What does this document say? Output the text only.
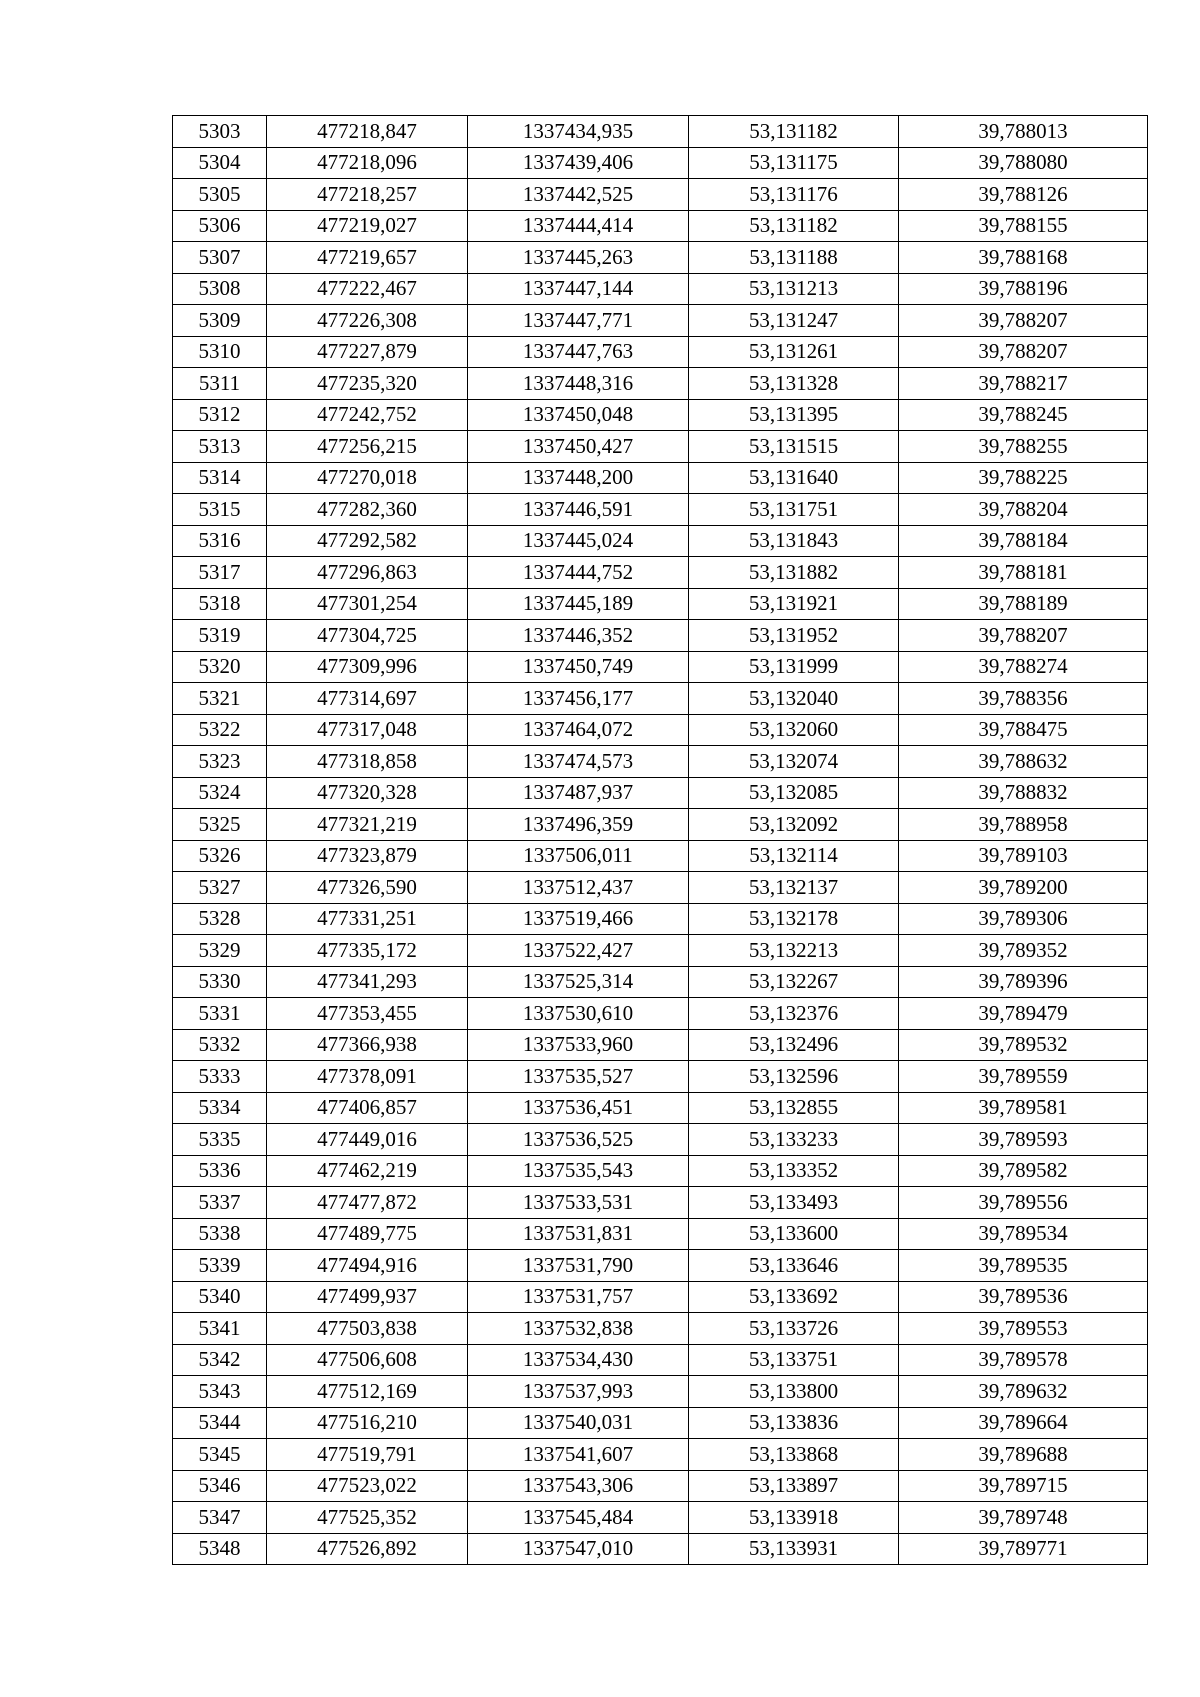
5303	477218,847	1337434,935	53,131182	39,788013
5304	477218,096	1337439,406	53,131175	39,788080
5305	477218,257	1337442,525	53,131176	39,788126
5306	477219,027	1337444,414	53,131182	39,788155
5307	477219,657	1337445,263	53,131188	39,788168
5308	477222,467	1337447,144	53,131213	39,788196
5309	477226,308	1337447,771	53,131247	39,788207
5310	477227,879	1337447,763	53,131261	39,788207
5311	477235,320	1337448,316	53,131328	39,788217
5312	477242,752	1337450,048	53,131395	39,788245
5313	477256,215	1337450,427	53,131515	39,788255
5314	477270,018	1337448,200	53,131640	39,788225
5315	477282,360	1337446,591	53,131751	39,788204
5316	477292,582	1337445,024	53,131843	39,788184
5317	477296,863	1337444,752	53,131882	39,788181
5318	477301,254	1337445,189	53,131921	39,788189
5319	477304,725	1337446,352	53,131952	39,788207
5320	477309,996	1337450,749	53,131999	39,788274
5321	477314,697	1337456,177	53,132040	39,788356
5322	477317,048	1337464,072	53,132060	39,788475
5323	477318,858	1337474,573	53,132074	39,788632
5324	477320,328	1337487,937	53,132085	39,788832
5325	477321,219	1337496,359	53,132092	39,788958
5326	477323,879	1337506,011	53,132114	39,789103
5327	477326,590	1337512,437	53,132137	39,789200
5328	477331,251	1337519,466	53,132178	39,789306
5329	477335,172	1337522,427	53,132213	39,789352
5330	477341,293	1337525,314	53,132267	39,789396
5331	477353,455	1337530,610	53,132376	39,789479
5332	477366,938	1337533,960	53,132496	39,789532
5333	477378,091	1337535,527	53,132596	39,789559
5334	477406,857	1337536,451	53,132855	39,789581
5335	477449,016	1337536,525	53,133233	39,789593
5336	477462,219	1337535,543	53,133352	39,789582
5337	477477,872	1337533,531	53,133493	39,789556
5338	477489,775	1337531,831	53,133600	39,789534
5339	477494,916	1337531,790	53,133646	39,789535
5340	477499,937	1337531,757	53,133692	39,789536
5341	477503,838	1337532,838	53,133726	39,789553
5342	477506,608	1337534,430	53,133751	39,789578
5343	477512,169	1337537,993	53,133800	39,789632
5344	477516,210	1337540,031	53,133836	39,789664
5345	477519,791	1337541,607	53,133868	39,789688
5346	477523,022	1337543,306	53,133897	39,789715
5347	477525,352	1337545,484	53,133918	39,789748
5348	477526,892	1337547,010	53,133931	39,789771
